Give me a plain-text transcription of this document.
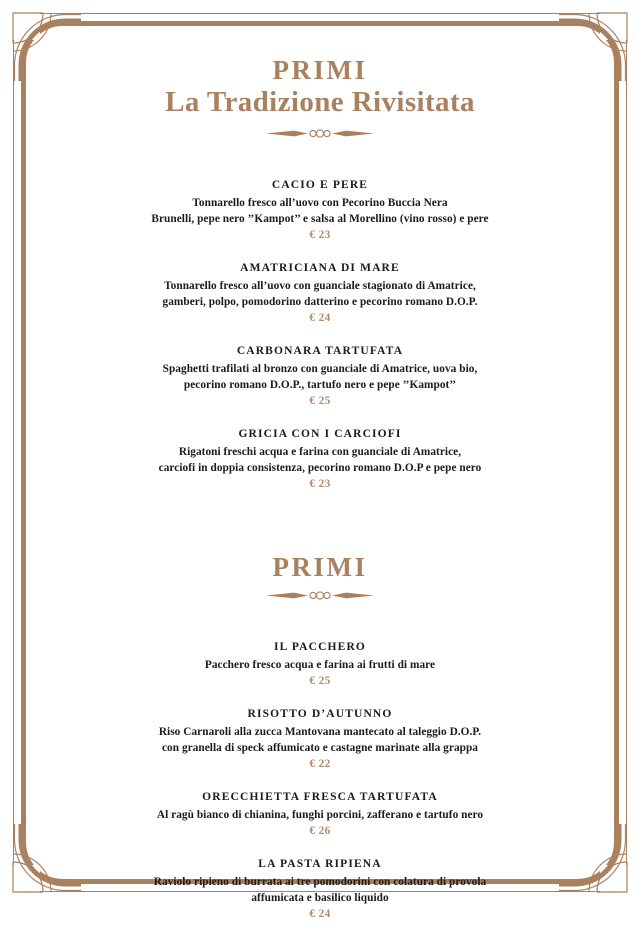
PRIMI
La Tradizione Rivisitata

CACIO E PERE

Tonnarello fresco all’uovo con Pecorino Buccia Nera

Brunelli, pepe nero ’’Kampot’’ e salsa al Morellino (vino rosso) e pere

€ 23

AMATRICIANA DI MARE

Tonnarello fresco all’uovo con guanciale stagionato di Amatrice,

gamberi, polpo, pomodorino datterino e pecorino romano D.O.P.

€ 24

CARBONARA TARTUFATA

Spaghetti trafilati al bronzo con guanciale di Amatrice, uova bio,

pecorino romano D.O.P., tartufo nero e pepe ’’Kampot’’

€ 25

GRICIA CON I CARCIOFI

Rigatoni freschi acqua e farina con guanciale di Amatrice,

carciofi in doppia consistenza, pecorino romano D.O.P e pepe nero

€ 23

PRIMI

IL PACCHERO

Pacchero fresco acqua e farina ai frutti di mare

€ 25

RISOTTO D’AUTUNNO

Riso Carnaroli alla zucca Mantovana mantecato al taleggio D.O.P.

con granella di speck affumicato e castagne marinate alla grappa

€ 22

ORECCHIETTA FRESCA TARTUFATA

Al ragù bianco di chianina, funghi porcini, zafferano e tartufo nero

€ 26

LA PASTA RIPIENA

Raviolo ripieno di burrata ai tre pomodorini con colatura di provola

affumicata e basilico liquido

€ 24
